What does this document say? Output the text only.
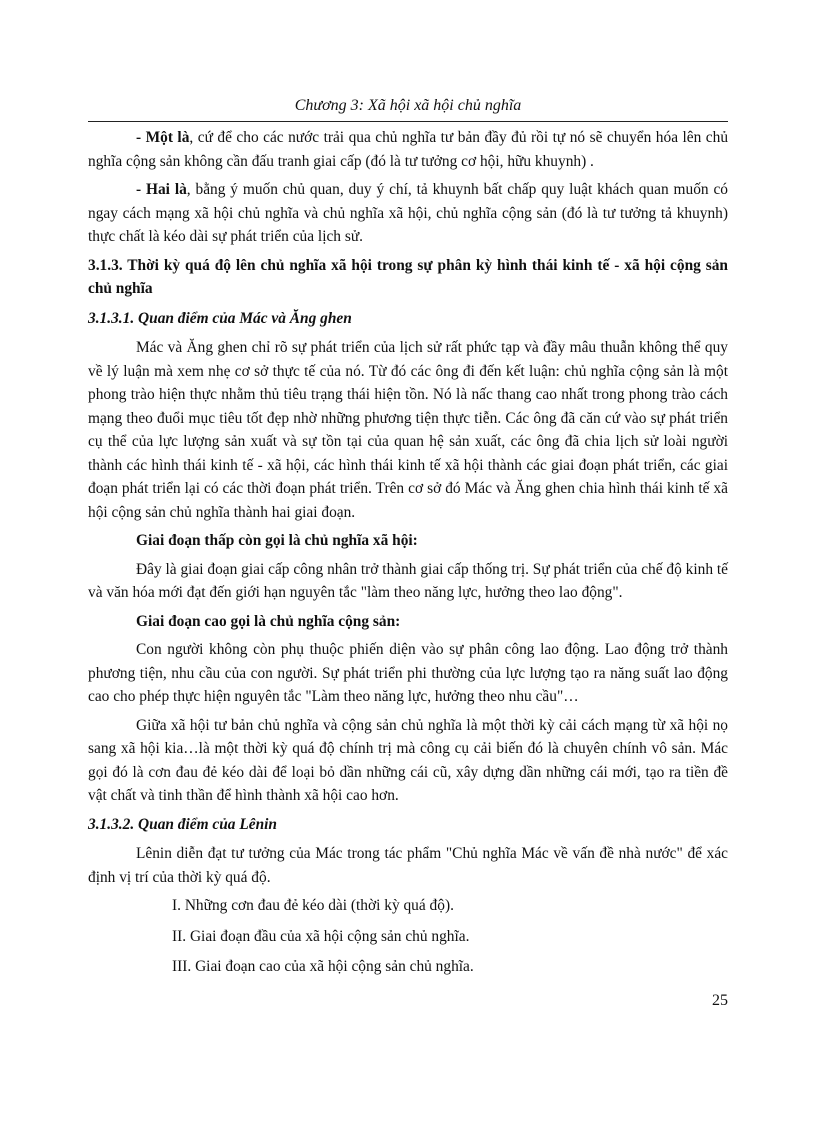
Chương 3: Xã hội xã hội chủ nghĩa

- Một là, cứ để cho các nước trải qua chủ nghĩa tư bản đầy đủ rồi tự nó sẽ chuyển hóa lên chủ nghĩa cộng sản không cần đấu tranh giai cấp (đó là tư tưởng cơ hội, hữu khuynh) .

- Hai là, bằng ý muốn chủ quan, duy ý chí, tả khuynh bất chấp quy luật khách quan muốn có ngay cách mạng xã hội chủ nghĩa và chủ nghĩa xã hội, chủ nghĩa cộng sản (đó là tư tưởng tả khuynh) thực chất là kéo dài sự phát triển của lịch sử.

3.1.3. Thời kỳ quá độ lên chủ nghĩa xã hội trong sự phân kỳ hình thái kinh tế - xã hội cộng sản chủ nghĩa

3.1.3.1. Quan điểm của Mác và Ăng ghen

Mác và Ăng ghen chỉ rõ sự phát triển của lịch sử rất phức tạp và đầy mâu thuẫn không thể quy về lý luận mà xem nhẹ cơ sở thực tế của nó. Từ đó các ông đi đến kết luận: chủ nghĩa cộng sản là một phong trào hiện thực nhằm thủ tiêu trạng thái hiện tồn. Nó là nấc thang cao nhất trong phong trào cách mạng theo đuổi mục tiêu tốt đẹp nhờ những phương tiện thực tiễn. Các ông đã căn cứ vào sự phát triển cụ thể của lực lượng sản xuất và sự tồn tại của quan hệ sản xuất, các ông đã chia lịch sử loài người thành các hình thái kinh tế - xã hội, các hình thái kinh tế xã hội thành các giai đoạn phát triển, các giai đoạn phát triển lại có các thời đoạn phát triển. Trên cơ sở đó Mác và Ăng ghen chia hình thái kinh tế xã hội cộng sản chủ nghĩa thành hai giai đoạn.

Giai đoạn thấp còn gọi là chủ nghĩa xã hội:

Đây là giai đoạn giai cấp công nhân trở thành giai cấp thống trị. Sự phát triển của chế độ kinh tế và văn hóa mới đạt đến giới hạn nguyên tắc "làm theo năng lực, hưởng theo lao động".

Giai đoạn cao gọi là chủ nghĩa cộng sản:

Con người không còn phụ thuộc phiến diện vào sự phân công lao động. Lao động trở thành phương tiện, nhu cầu của con người. Sự phát triển phi thường của lực lượng tạo ra năng suất lao động cao cho phép thực hiện nguyên tắc "Làm theo năng lực, hưởng theo nhu cầu"…

Giữa xã hội tư bản chủ nghĩa và cộng sản chủ nghĩa là một thời kỳ cải cách mạng từ xã hội nọ sang xã hội kia…là một thời kỳ quá độ chính trị mà công cụ cải biến đó là chuyên chính vô sản. Mác gọi đó là cơn đau đẻ kéo dài để loại bỏ dần những cái cũ, xây dựng dần những cái mới, tạo ra tiền đề vật chất và tinh thần để hình thành xã hội cao hơn.

3.1.3.2. Quan điểm của Lênin

Lênin diễn đạt tư tưởng của Mác trong tác phẩm "Chủ nghĩa Mác về vấn đề nhà nước" để xác định vị trí của thời kỳ quá độ.

I. Những cơn đau đẻ kéo dài (thời kỳ quá độ).
II. Giai đoạn đầu của xã hội cộng sản chủ nghĩa.
III. Giai đoạn cao của xã hội cộng sản chủ nghĩa.
25
